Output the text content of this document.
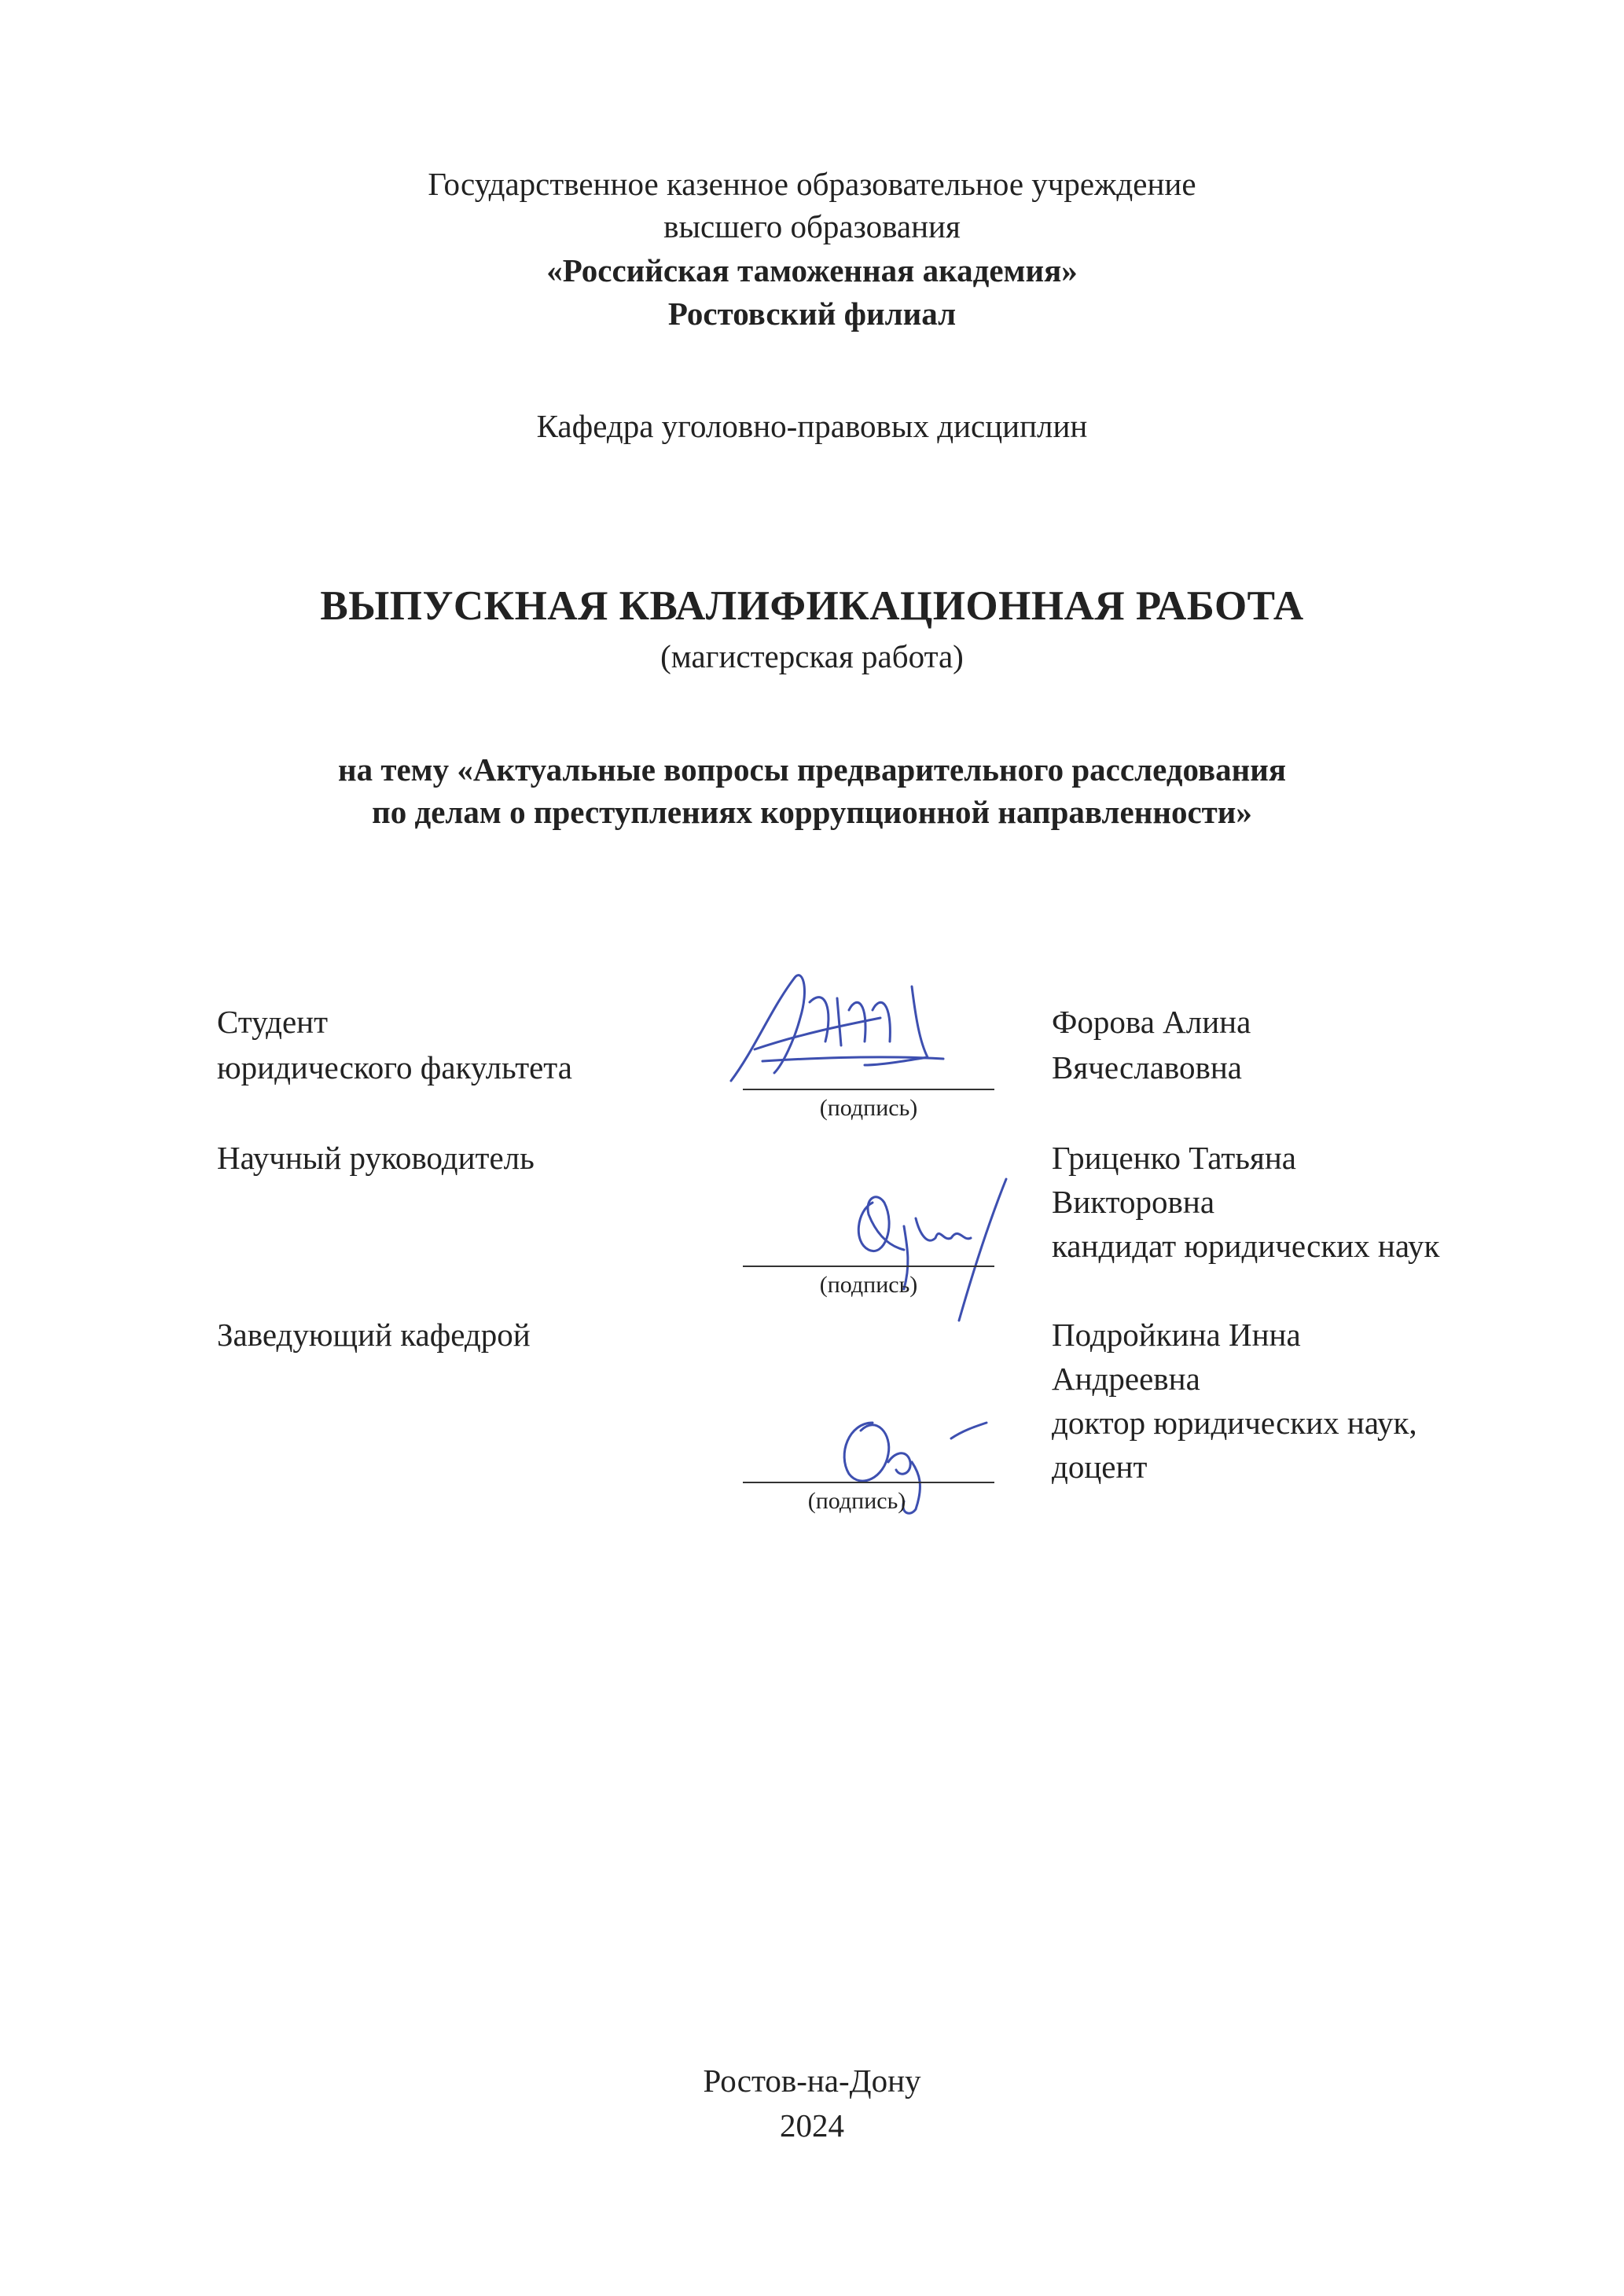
Государственное казенное образовательное учреждение
высшего образования
«Российская таможенная академия»
Ростовский филиал
Кафедра уголовно-правовых дисциплин
ВЫПУСКНАЯ КВАЛИФИКАЦИОННАЯ РАБОТА
(магистерская работа)
на тему «Актуальные вопросы предварительного расследования
по делам о преступлениях коррупционной направленности»
Студент
юридического факультета
(подпись)
Форова Алина
Вячеславовна
Научный руководитель
(подпись)
Гриценко Татьяна
Викторовна
кандидат юридических наук
Заведующий кафедрой
(подпись)
Подройкина Инна
Андреевна
доктор юридических наук,
доцент
Ростов-на-Дону
2024
